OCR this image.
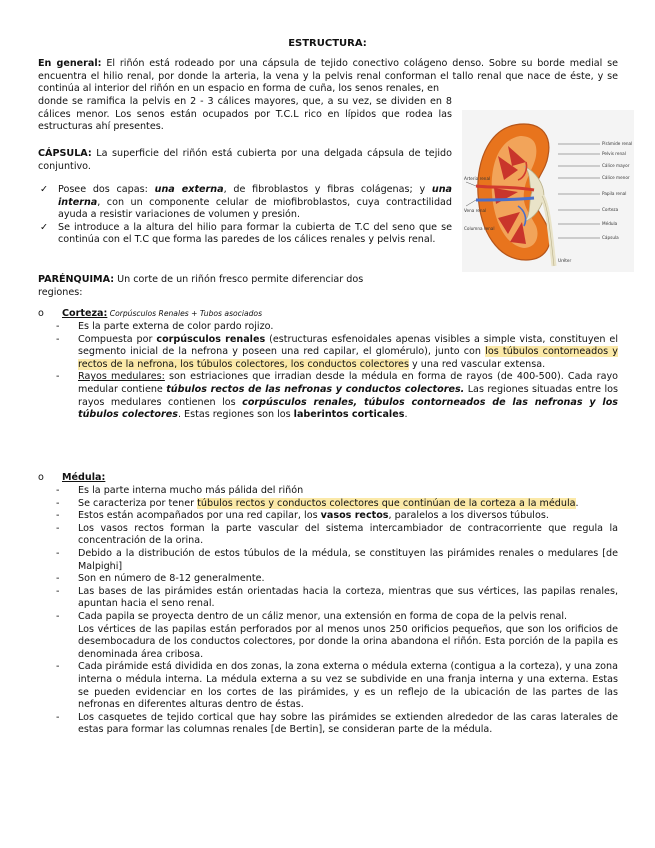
ESTRUCTURA:

En general: El riñón está rodeado por una cápsula de tejido conectivo colágeno denso. Sobre su borde medial se encuentra el hilio renal, por donde la arteria, la vena y la pelvis renal conforman el tallo renal que nace de éste, y se continúa al interior del riñón en un espacio en forma de cuña, los senos renales, en

donde se ramifica la pelvis en 2 - 3 cálices mayores, que, a su vez, se dividen en 8 cálices menor. Los senos están ocupados por T.C.L rico en lípidos que rodea las estructuras ahí presentes.

Pirámide renal
Pelvis renal
Cálice mayor
Cálice menor
Papila renal
Corteza
Médula
Cápsula
Arteria renal
Vena renal
Uréter
Columna renal

CÁPSULA: La superficie del riñón está cubierta por una delgada cápsula de tejido conjuntivo.

✓ Posee dos capas: una externa, de fibroblastos y fibras colágenas; y una interna, con un componente celular de miofibroblastos, cuya contractilidad ayuda a resistir variaciones de volumen y presión.
✓ Se introduce a la altura del hilio para formar la cubierta de T.C del seno que se continúa con el T.C que forma las paredes de los cálices renales y pelvis renal.

PARÉNQUIMA: Un corte de un riñón fresco permite diferenciar dos regiones:

o Corteza: Corpúsculos Renales + Tubos asociados
- Es la parte externa de color pardo rojizo.
- Compuesta por corpúsculos renales (estructuras esfenoidales apenas visibles a simple vista, constituyen el segmento inicial de la nefrona y poseen una red capilar, el glomérulo), junto con los túbulos contorneados y rectos de la nefrona, los túbulos colectores, los conductos colectores y una red vascular extensa.
- Rayos medulares: son estriaciones que irradian desde la médula en forma de rayos (de 400-500). Cada rayo medular contiene túbulos rectos de las nefronas y conductos colectores. Las regiones situadas entre los rayos medulares contienen los corpúsculos renales, túbulos contorneados de las nefronas y los túbulos colectores. Estas regiones son los laberintos corticales.
o Médula:
- Es la parte interna mucho más pálida del riñón
- Se caracteriza por tener túbulos rectos y conductos colectores que continúan de la corteza a la médula.
- Estos están acompañados por una red capilar, los vasos rectos, paralelos a los diversos túbulos.
- Los vasos rectos forman la parte vascular del sistema intercambiador de contracorriente que regula la concentración de la orina.
- Debido a la distribución de estos túbulos de la médula, se constituyen las pirámides renales o medulares [de Malpighi]
- Son en número de 8-12 generalmente.
- Las bases de las pirámides están orientadas hacia la corteza, mientras que sus vértices, las papilas renales, apuntan hacia el seno renal.
- Cada papila se proyecta dentro de un cáliz menor, una extensión en forma de copa de la pelvis renal.
Los vértices de las papilas están perforados por al menos unos 250 orificios pequeños, que son los orificios de desembocadura de los conductos colectores, por donde la orina abandona el riñón. Esta porción de la papila es denominada área cribosa.
- Cada pirámide está dividida en dos zonas, la zona externa o médula externa (contigua a la corteza), y una zona interna o médula interna. La médula externa a su vez se subdivide en una franja interna y una externa. Estas se pueden evidenciar en los cortes de las pirámides, y es un reflejo de la ubicación de las partes de las nefronas en diferentes alturas dentro de éstas.
- Los casquetes de tejido cortical que hay sobre las pirámides se extienden alrededor de las caras laterales de estas para formar las columnas renales [de Bertin], se consideran parte de la médula.
